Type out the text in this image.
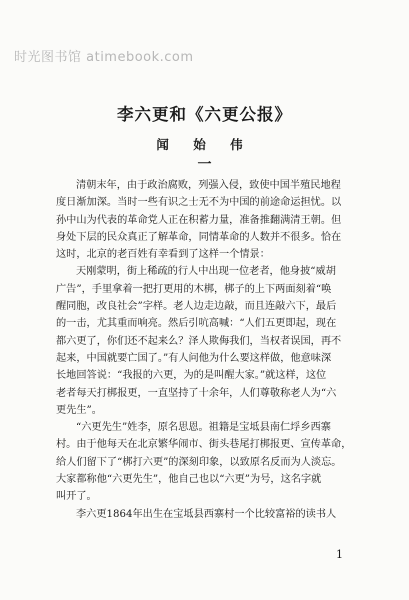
时光图书馆 atimebook.com
李六更和《六更公报》
闻 始 伟
一
清朝末年，由于政治腐败，列强入侵，致使中国半殖民地程
度日渐加深。当时一些有识之士无不为中国的前途命运担忧。以
孙中山为代表的革命党人正在积蓄力量，准备推翻满清王朝。但
身处下层的民众真正了解革命，同情革命的人数并不很多。恰在
这时，北京的老百姓有幸看到了这样一个情景：
天刚蒙明，街上稀疏的行人中出现一位老者，他身披“威胡
广告”，手里拿着一把打更用的木梆，梆子的上下两面刻着“唤
醒同胞，改良社会”字样。老人边走边敲，而且连敲六下，最后
的一击，尤其重而响亮。然后引吭高喊：“人们五更即起，现在
都六更了，你们还不起来么？泽人欺侮我们，当权者误国，再不
起来，中国就要亡国了。”有人问他为什么要这样做，他意味深
长地回答说：“我报的六更，为的是叫醒大家。”就这样，这位
老者每天打梆报更，一直坚持了十余年，人们尊敬称老人为“六
更先生”。
“六更先生”姓李，原名思恩。祖籍是宝坻县南仁垺乡西寨
村。由于他每天在北京繁华闹市、街头巷尾打梆报更、宣传革命，
给人们留下了“梆打六更”的深刻印象，以致原名反而为人淡忘。
大家都称他“六更先生”，他自己也以“六更”为号，这名字就
叫开了。
李六更1864年出生在宝坻县西寨村一个比较富裕的读书人
1
